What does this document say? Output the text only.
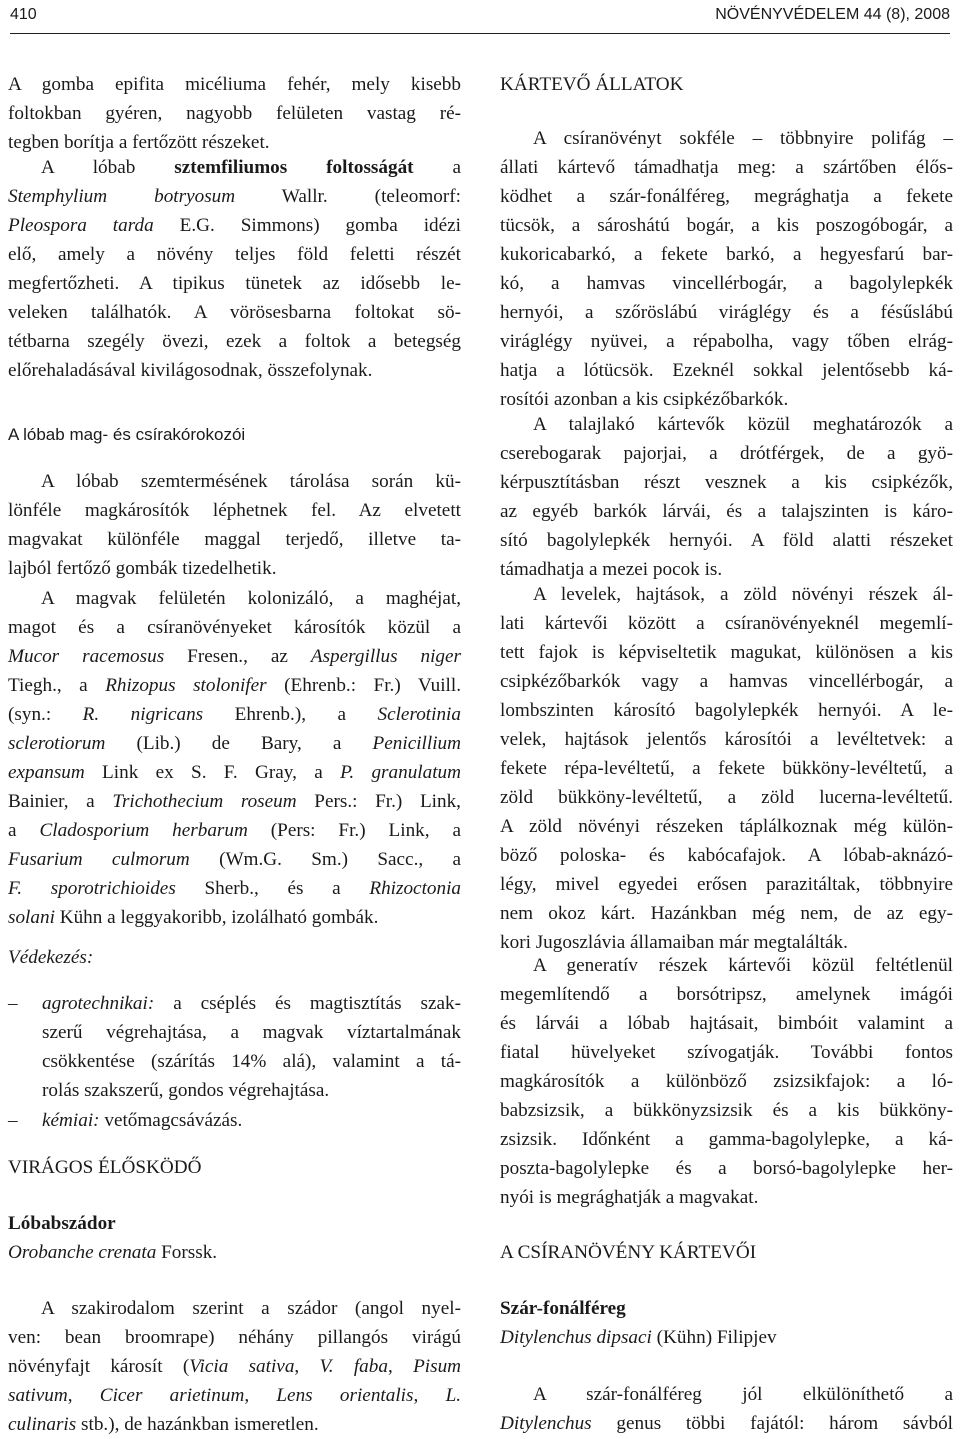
410	NÖVÉNYVÉDELEM 44 (8), 2008
A gomba epifita micéliuma fehér, mely kisebb
foltokban gyéren, nagyobb felületen vastag ré-
tegben borítja a fertőzött részeket.
A lóbab sztemfiliumos foltosságát a
Stemphylium botryosum Wallr. (teleomorf:
Pleospora tarda E.G. Simmons) gomba idézi
elő, amely a növény teljes föld feletti részét
megfertőzheti. A tipikus tünetek az idősebb le-
veleken találhatók. A vörösesbarna foltokat sö-
tétbarna szegély övezi, ezek a foltok a betegség
előrehaladásával kivilágosodnak, összefolynak.
A lóbab mag- és csírakórokozói
A lóbab szemtermésének tárolása során kü-
lönféle magkárosítók léphetnek fel. Az elvetett
magvakat különféle maggal terjedő, illetve ta-
lajból fertőző gombák tizedelhetik.
A magvak felületén kolonizáló, a maghéjat,
magot és a csíranövényeket károsítók közül a
Mucor racemosus Fresen., az Aspergillus niger
Tiegh., a Rhizopus stolonifer (Ehrenb.: Fr.) Vuill.
(syn.: R. nigricans Ehrenb.), a Sclerotinia
sclerotiorum (Lib.) de Bary, a Penicillium
expansum Link ex S. F. Gray, a P. granulatum
Bainier, a Trichothecium roseum Pers.: Fr.) Link,
a Cladosporium herbarum (Pers: Fr.) Link, a
Fusarium culmorum (Wm.G. Sm.) Sacc., a
F. sporotrichioides Sherb., és a Rhizoctonia
solani Kühn a leggyakoribb, izolálható gombák.
Védekezés:
–	agrotechnikai: a cséplés és magtisztítás szak-
szerű végrehajtása, a magvak víztartalmának
csökkentése (szárítás 14% alá), valamint a tá-
rolás szakszerű, gondos végrehajtása.
–	kémiai: vetőmagcsávázás.
VIRÁGOS ÉLŐSKÖDŐ
Lóbabszádor
Orobanche crenata Forssk.
A szakirodalom szerint a szádor (angol nyel-
ven: bean broomrape) néhány pillangós virágú
növényfajt károsít (Vicia sativa, V. faba, Pisum
sativum, Cicer arietinum, Lens orientalis, L.
culinaris stb.), de hazánkban ismeretlen.
KÁRTEVŐ ÁLLATOK
A csíranövényt sokféle – többnyire polifág –
állati kártevő támadhatja meg: a szártőben élős-
ködhet a szár-fonálféreg, megrághatja a fekete
tücsök, a sároshátú bogár, a kis poszogóbogár, a
kukoricabarkó, a fekete barkó, a hegyesfarú bar-
kó, a hamvas vincellérbogár, a bagolylepkék
hernyói, a szőröslábú viráglégy és a fésűslábú
viráglégy nyüvei, a répabolha, vagy tőben elrág-
hatja a lótücsök. Ezeknél sokkal jelentősebb ká-
rosítói azonban a kis csipkézőbarkók.
A talajlakó kártevők közül meghatározók a
cserebogarak pajorjai, a drótférgek, de a gyö-
kérpusztításban részt vesznek a kis csipkézők,
az egyéb barkók lárvái, és a talajszinten is káro-
sító bagolylepkék hernyói. A föld alatti részeket
támadhatja a mezei pocok is.
A levelek, hajtások, a zöld növényi részek ál-
lati kártevői között a csíranövényeknél megemlí-
tett fajok is képviseltetik magukat, különösen a kis
csipkézőbarkók vagy a hamvas vincellérbogár, a
lombszinten károsító bagolylepkék hernyói. A le-
velek, hajtások jelentős károsítói a levéltetvek: a
fekete répa-levéltetű, a fekete bükköny-levéltetű, a
zöld bükköny-levéltetű, a zöld lucerna-levéltetű.
A zöld növényi részeken táplálkoznak még külön-
böző poloska- és kabócafajok. A lóbab-aknázó-
légy, mivel egyedei erősen parazitáltak, többnyire
nem okoz kárt. Hazánkban még nem, de az egy-
kori Jugoszlávia államaiban már megtalálták.
A generatív részek kártevői közül feltétlenül
megemlítendő a borsótripsz, amelynek imágói
és lárvái a lóbab hajtásait, bimbóit valamint a
fiatal hüvelyeket szívogatják. További fontos
magkárosítók a különböző zsizsikfajok: a ló-
babzsizsik, a bükkönyzsizsik és a kis bükköny-
zsizsik. Időnként a gamma-bagolylepke, a ká-
poszta-bagolylepke és a borsó-bagolylepke her-
nyói is megrághatják a magvakat.
A CSÍRANÖVÉNY KÁRTEVŐI
Szár-fonálféreg
Ditylenchus dipsaci (Kühn) Filipjev
A szár-fonálféreg jól elkülöníthető a
Ditylenchus genus többi fajától: három sávból
